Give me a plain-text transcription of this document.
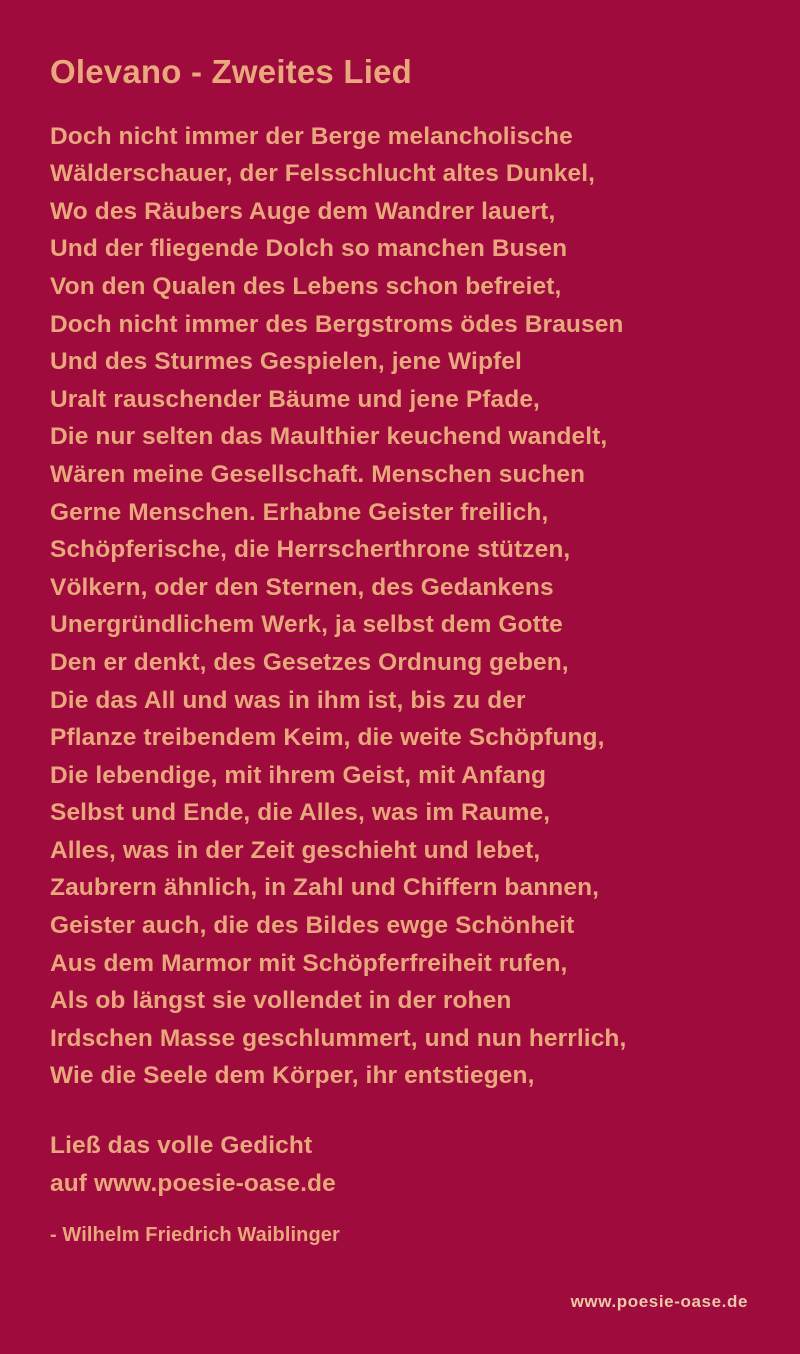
Olevano - Zweites Lied
Doch nicht immer der Berge melancholische
Wälderschauer, der Felsschlucht altes Dunkel,
Wo des Räubers Auge dem Wandrer lauert,
Und der fliegende Dolch so manchen Busen
Von den Qualen des Lebens schon befreiet,
Doch nicht immer des Bergstroms ödes Brausen
Und des Sturmes Gespielen, jene Wipfel
Uralt rauschender Bäume und jene Pfade,
Die nur selten das Maulthier keuchend wandelt,
Wären meine Gesellschaft. Menschen suchen
Gerne Menschen. Erhabne Geister freilich,
Schöpferische, die Herrscherthrone stützen,
Völkern, oder den Sternen, des Gedankens
Unergründlichem Werk, ja selbst dem Gotte
Den er denkt, des Gesetzes Ordnung geben,
Die das All und was in ihm ist, bis zu der
Pflanze treibendem Keim, die weite Schöpfung,
Die lebendige, mit ihrem Geist, mit Anfang
Selbst und Ende, die Alles, was im Raume,
Alles, was in der Zeit geschieht und lebet,
Zaubrern ähnlich, in Zahl und Chiffern bannen,
Geister auch, die des Bildes ewge Schönheit
Aus dem Marmor mit Schöpferfreiheit rufen,
Als ob längst sie vollendet in der rohen
Irdschen Masse geschlummert, und nun herrlich,
Wie die Seele dem Körper, ihr entstiegen,
Ließ das volle Gedicht
auf www.poesie-oase.de
- Wilhelm Friedrich Waiblinger
www.poesie-oase.de
